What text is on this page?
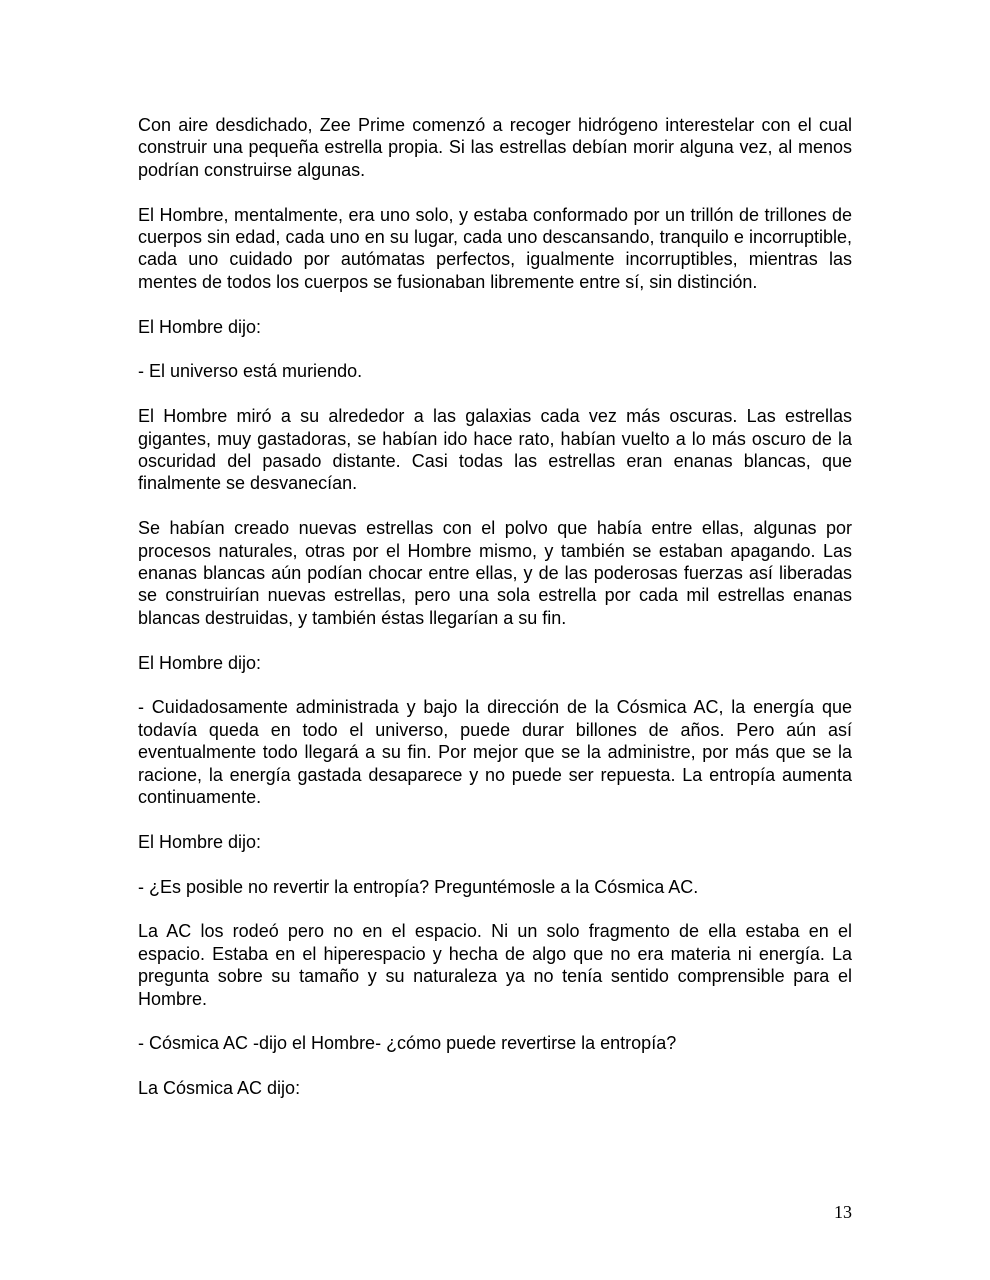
Con aire desdichado, Zee Prime comenzó a recoger hidrógeno interestelar con el cual construir una pequeña estrella propia. Si las estrellas debían morir alguna vez, al menos podrían construirse algunas.

El Hombre, mentalmente, era uno solo, y estaba conformado por un trillón de trillones de cuerpos sin edad, cada uno en su lugar, cada uno descansando, tranquilo e incorruptible, cada uno cuidado por autómatas perfectos, igualmente incorruptibles, mientras las mentes de todos los cuerpos se fusionaban libremente entre sí, sin distinción.

El Hombre dijo:

- El universo está muriendo.

El Hombre miró a su alrededor a las galaxias cada vez más oscuras. Las estrellas gigantes, muy gastadoras, se habían ido hace rato, habían vuelto a lo más oscuro de la oscuridad del pasado distante. Casi todas las estrellas eran enanas blancas, que finalmente se desvanecían.

Se habían creado nuevas estrellas con el polvo que había entre ellas, algunas por procesos naturales, otras por el Hombre mismo, y también se estaban apagando. Las enanas blancas aún podían chocar entre ellas, y de las poderosas fuerzas así liberadas se construirían nuevas estrellas, pero una sola estrella por cada mil estrellas enanas blancas destruidas, y también éstas llegarían a su fin.

El Hombre dijo:

- Cuidadosamente administrada y bajo la dirección de la Cósmica AC, la energía que todavía queda en todo el universo, puede durar billones de años. Pero aún así eventualmente todo llegará a su fin. Por mejor que se la administre, por más que se la racione, la energía gastada desaparece y no puede ser repuesta. La entropía aumenta continuamente.

El Hombre dijo:

- ¿Es posible no revertir la entropía? Preguntémosle a la Cósmica AC.

La AC los rodeó pero no en el espacio. Ni un solo fragmento de ella estaba en el espacio. Estaba en el hiperespacio y hecha de algo que no era materia ni energía. La pregunta sobre su tamaño y su naturaleza ya no tenía sentido comprensible para el Hombre.

- Cósmica AC -dijo el Hombre- ¿cómo puede revertirse la entropía?

La Cósmica AC dijo:

13
